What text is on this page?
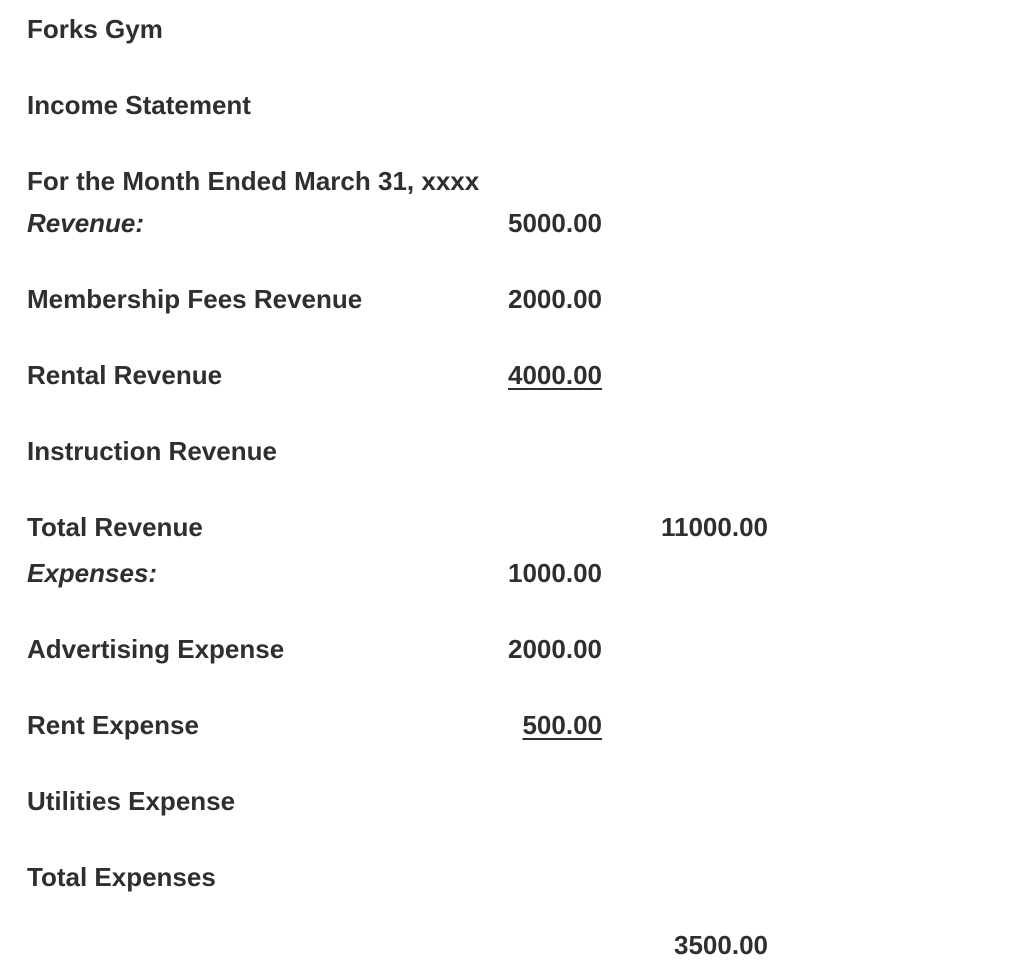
Forks Gym
Income Statement
For the Month Ended March 31, xxxx
Revenue:	5000.00
Membership Fees Revenue	2000.00
Rental Revenue	4000.00
Instruction Revenue
Total Revenue	11000.00
Expenses:	1000.00
Advertising Expense	2000.00
Rent Expense	500.00
Utilities Expense
Total Expenses
3500.00
